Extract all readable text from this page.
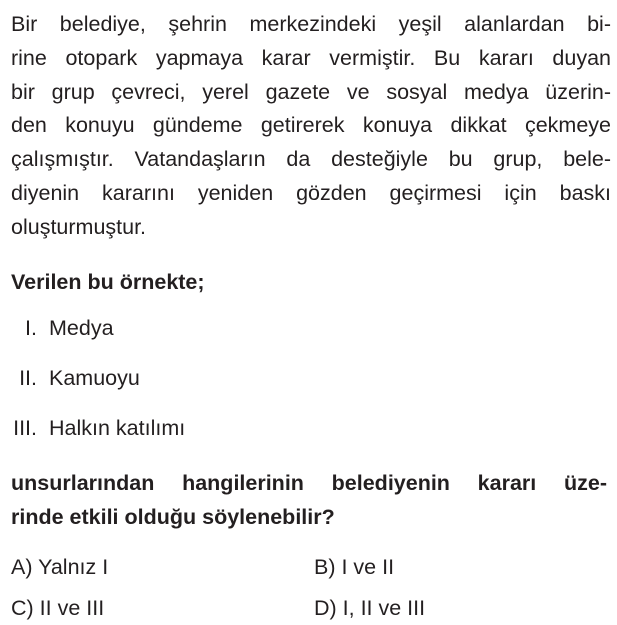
Bir belediye, şehrin merkezindeki yeşil alanlardan bi-
rine otopark yapmaya karar vermiştir. Bu kararı duyan
bir grup çevreci, yerel gazete ve sosyal medya üzerin-
den konuyu gündeme getirerek konuya dikkat çekmeye
çalışmıştır. Vatandaşların da desteğiyle bu grup, bele-
diyenin kararını yeniden gözden geçirmesi için baskı
oluşturmuştur.
Verilen bu örnekte;
I. Medya
II. Kamuoyu
III. Halkın katılımı
unsurlarından hangilerinin belediyenin kararı üze-
rinde etkili olduğu söylenebilir?
A) Yalnız I	B) I ve II
C) II ve III	D) I, II ve III
